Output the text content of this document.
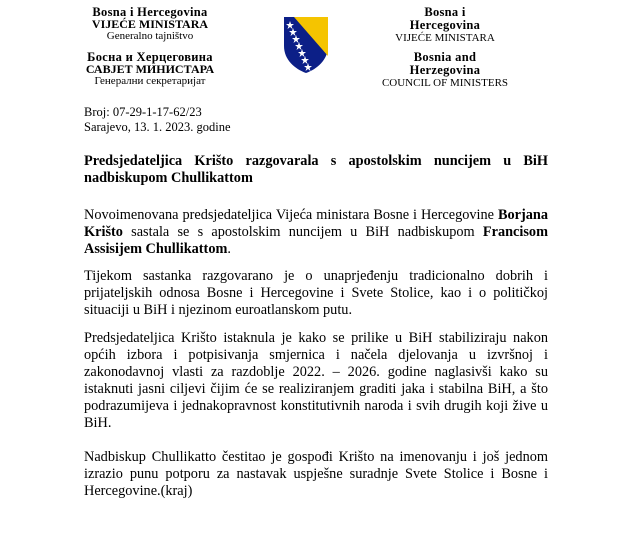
Bosna i Hercegovina
VIJEĆE MINISTARA
Generalno tajništvo
Босна и Херцеговина
САВЈЕТ МИНИСТАРА
Генерални секретаријат
Bosna i
Hercegovina
VIJEĆE MINISTARA
Bosnia and
Herzegovina
COUNCIL OF MINISTERS
Broj: 07-29-1-17-62/23
Sarajevo, 13. 1. 2023. godine
Predsjedateljica Krišto razgovarala s apostolskim nuncijem u BiH nadbiskupom Chullikattom
Novoimenovana predsjedateljica Vijeća ministara Bosne i Hercegovine Borjana Krišto sastala se s apostolskim nuncijem u BiH nadbiskupom Francisom Assisijem Chullikattom.
Tijekom sastanka razgovarano je o unaprjeđenju tradicionalno dobrih i prijateljskih odnosa Bosne i Hercegovine i Svete Stolice, kao i o političkoj situaciji u BiH i njezinom euroatlanskom putu.
Predsjedateljica Krišto istaknula je kako se prilike u BiH stabiliziraju nakon općih izbora i potpisivanja smjernica i načela djelovanja u izvršnoj i zakonodavnoj vlasti za razdoblje 2022. – 2026. godine naglasivši kako su istaknuti jasni ciljevi čijim će se realiziranjem graditi jaka i stabilna BiH, a što podrazumijeva i jednakopravnost konstitutivnih naroda i svih drugih koji žive u BiH.
Nadbiskup Chullikatto čestitao je gospođi Krišto na imenovanju i još jednom izrazio punu potporu za nastavak uspješne suradnje Svete Stolice i Bosne i Hercegovine.(kraj)
